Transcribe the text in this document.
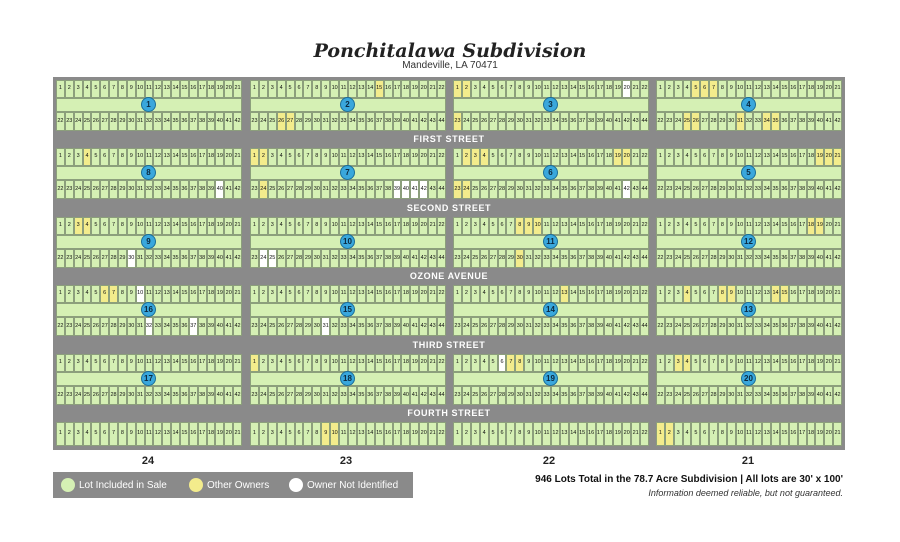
Ponchitalawa Subdivision
Mandeville, LA 70471
FIRST STREET
SECOND STREET
OZONE AVENUE
THIRD STREET
FOURTH STREET
1
22
2
23
3
24
4
25
5
26
6
27
7
28
8
29
9
30
10
31
11
32
12
33
13
34
14
35
15
36
16
37
17
38
18
39
19
40
20
41
21
42
1
1
23
2
24
3
25
4
26
5
27
6
28
7
29
8
30
9
31
10
32
11
33
12
34
13
35
14
36
15
37
16
38
17
39
18
40
19
41
20
42
21
43
22
44
2
1
23
2
24
3
25
4
26
5
27
6
28
7
29
8
30
9
31
10
32
11
33
12
34
13
35
14
36
15
37
16
38
17
39
18
40
19
41
20
42
21
43
22
44
3
1
22
2
23
3
24
4
25
5
26
6
27
7
28
8
29
9
30
10
31
11
32
12
33
13
34
14
35
15
36
16
37
17
38
18
39
19
40
20
41
21
42
4
1
22
2
23
3
24
4
25
5
26
6
27
7
28
8
29
9
30
10
31
11
32
12
33
13
34
14
35
15
36
16
37
17
38
18
39
19
40
20
41
21
42
8
1
23
2
24
3
25
4
26
5
27
6
28
7
29
8
30
9
31
10
32
11
33
12
34
13
35
14
36
15
37
16
38
17
39
18
40
19
41
20
42
21
43
22
44
7
1
23
2
24
3
25
4
26
5
27
6
28
7
29
8
30
9
31
10
32
11
33
12
34
13
35
14
36
15
37
16
38
17
39
18
40
19
41
20
42
21
43
22
44
6
1
22
2
23
3
24
4
25
5
26
6
27
7
28
8
29
9
30
10
31
11
32
12
33
13
34
14
35
15
36
16
37
17
38
18
39
19
40
20
41
21
42
5
1
22
2
23
3
24
4
25
5
26
6
27
7
28
8
29
9
30
10
31
11
32
12
33
13
34
14
35
15
36
16
37
17
38
18
39
19
40
20
41
21
42
9
1
23
2
24
3
25
4
26
5
27
6
28
7
29
8
30
9
31
10
32
11
33
12
34
13
35
14
36
15
37
16
38
17
39
18
40
19
41
20
42
21
43
22
44
10
1
23
2
24
3
25
4
26
5
27
6
28
7
29
8
30
9
31
10
32
11
33
12
34
13
35
14
36
15
37
16
38
17
39
18
40
19
41
20
42
21
43
22
44
11
1
22
2
23
3
24
4
25
5
26
6
27
7
28
8
29
9
30
10
31
11
32
12
33
13
34
14
35
15
36
16
37
17
38
18
39
19
40
20
41
21
42
12
1
22
2
23
3
24
4
25
5
26
6
27
7
28
8
29
9
30
10
31
11
32
12
33
13
34
14
35
15
36
16
37
17
38
18
39
19
40
20
41
21
42
16
1
23
2
24
3
25
4
26
5
27
6
28
7
29
8
30
9
31
10
32
11
33
12
34
13
35
14
36
15
37
16
38
17
39
18
40
19
41
20
42
21
43
22
44
15
1
23
2
24
3
25
4
26
5
27
6
28
7
29
8
30
9
31
10
32
11
33
12
34
13
35
14
36
15
37
16
38
17
39
18
40
19
41
20
42
21
43
22
44
14
1
22
2
23
3
24
4
25
5
26
6
27
7
28
8
29
9
30
10
31
11
32
12
33
13
34
14
35
15
36
16
37
17
38
18
39
19
40
20
41
21
42
13
1
22
2
23
3
24
4
25
5
26
6
27
7
28
8
29
9
30
10
31
11
32
12
33
13
34
14
35
15
36
16
37
17
38
18
39
19
40
20
41
21
42
17
1
23
2
24
3
25
4
26
5
27
6
28
7
29
8
30
9
31
10
32
11
33
12
34
13
35
14
36
15
37
16
38
17
39
18
40
19
41
20
42
21
43
22
44
18
1
23
2
24
3
25
4
26
5
27
6
28
7
29
8
30
9
31
10
32
11
33
12
34
13
35
14
36
15
37
16
38
17
39
18
40
19
41
20
42
21
43
22
44
19
1
22
2
23
3
24
4
25
5
26
6
27
7
28
8
29
9
30
10
31
11
32
12
33
13
34
14
35
15
36
16
37
17
38
18
39
19
40
20
41
21
42
20
1	2	3	4	5	6	7	8	9 10 11 12 13 14 15 16 17 18 19 20 21	1	2	3	4	5	6	7	8	9 10 11 12 13 14 15 16 17 18 19 20 21 22	1	2	3	4	5	6	7	8	9 10 11 12 13 14 15 16 17 18 19 20 21 22	1	2	3	4	5	6	7	8	9 10 11 12 13 14 15 16 17 18 19 20 21
24	23	22	21
Lot Included in Sale	Other Owners	Owner Not Identified	946 Lots Total in the 78.7 Acre Subdivision | All lots are 30' x 100'
Information deemed reliable, but not guaranteed.
